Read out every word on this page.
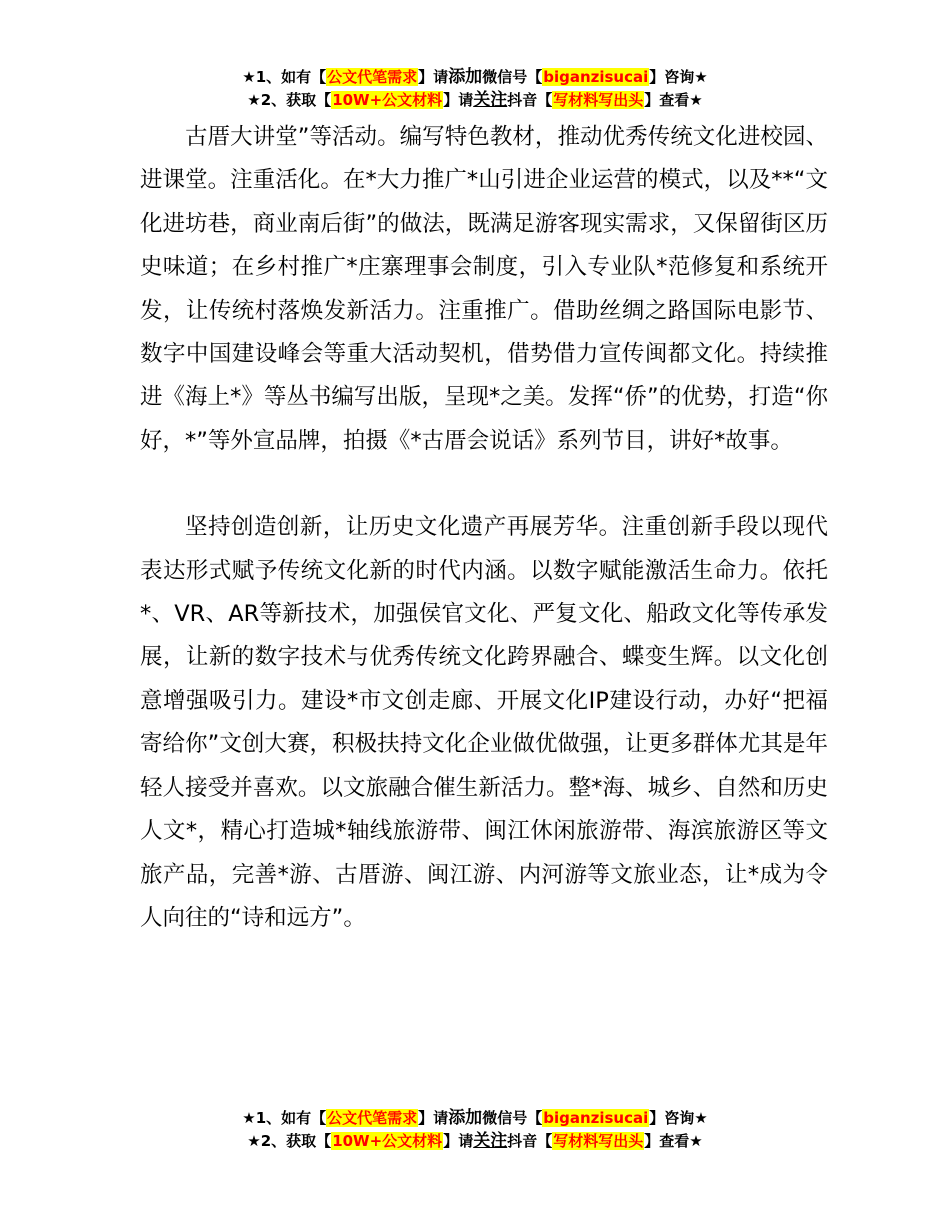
★1、如有【公文代笔需求】请添加微信号【biganzisucai】咨询★
★2、获取【10W+公文材料】请关注抖音【写材料写出头】查看★

古厝大讲堂”等活动。编写特色教材，推动优秀传统文化进校园、进课堂。注重活化。在*大力推广*山引进企业运营的模式，以及**“文化进坊巷，商业南后街”的做法，既满足游客现实需求，又保留街区历史味道；在乡村推广*庄寨理事会制度，引入专业队*范修复和系统开发，让传统村落焕发新活力。注重推广。借助丝绸之路国际电影节、数字中国建设峰会等重大活动契机，借势借力宣传闽都文化。持续推进《海上*》等丛书编写出版，呈现*之美。发挥“侨”的优势，打造“你好，*”等外宣品牌，拍摄《*古厝会说话》系列节目，讲好*故事。

坚持创造创新，让历史文化遗产再展芳华。注重创新手段以现代表达形式赋予传统文化新的时代内涵。以数字赋能激活生命力。依托*、VR、AR等新技术，加强侯官文化、严复文化、船政文化等传承发展，让新的数字技术与优秀传统文化跨界融合、蝶变生辉。以文化创意增强吸引力。建设*市文创走廊、开展文化IP建设行动，办好“把福寄给你”文创大赛，积极扶持文化企业做优做强，让更多群体尤其是年轻人接受并喜欢。以文旅融合催生新活力。整*海、城乡、自然和历史人文*，精心打造城*轴线旅游带、闽江休闲旅游带、海滨旅游区等文旅产品，完善*游、古厝游、闽江游、内河游等文旅业态，让*成为令人向往的“诗和远方”。

★1、如有【公文代笔需求】请添加微信号【biganzisucai】咨询★
★2、获取【10W+公文材料】请关注抖音【写材料写出头】查看★
